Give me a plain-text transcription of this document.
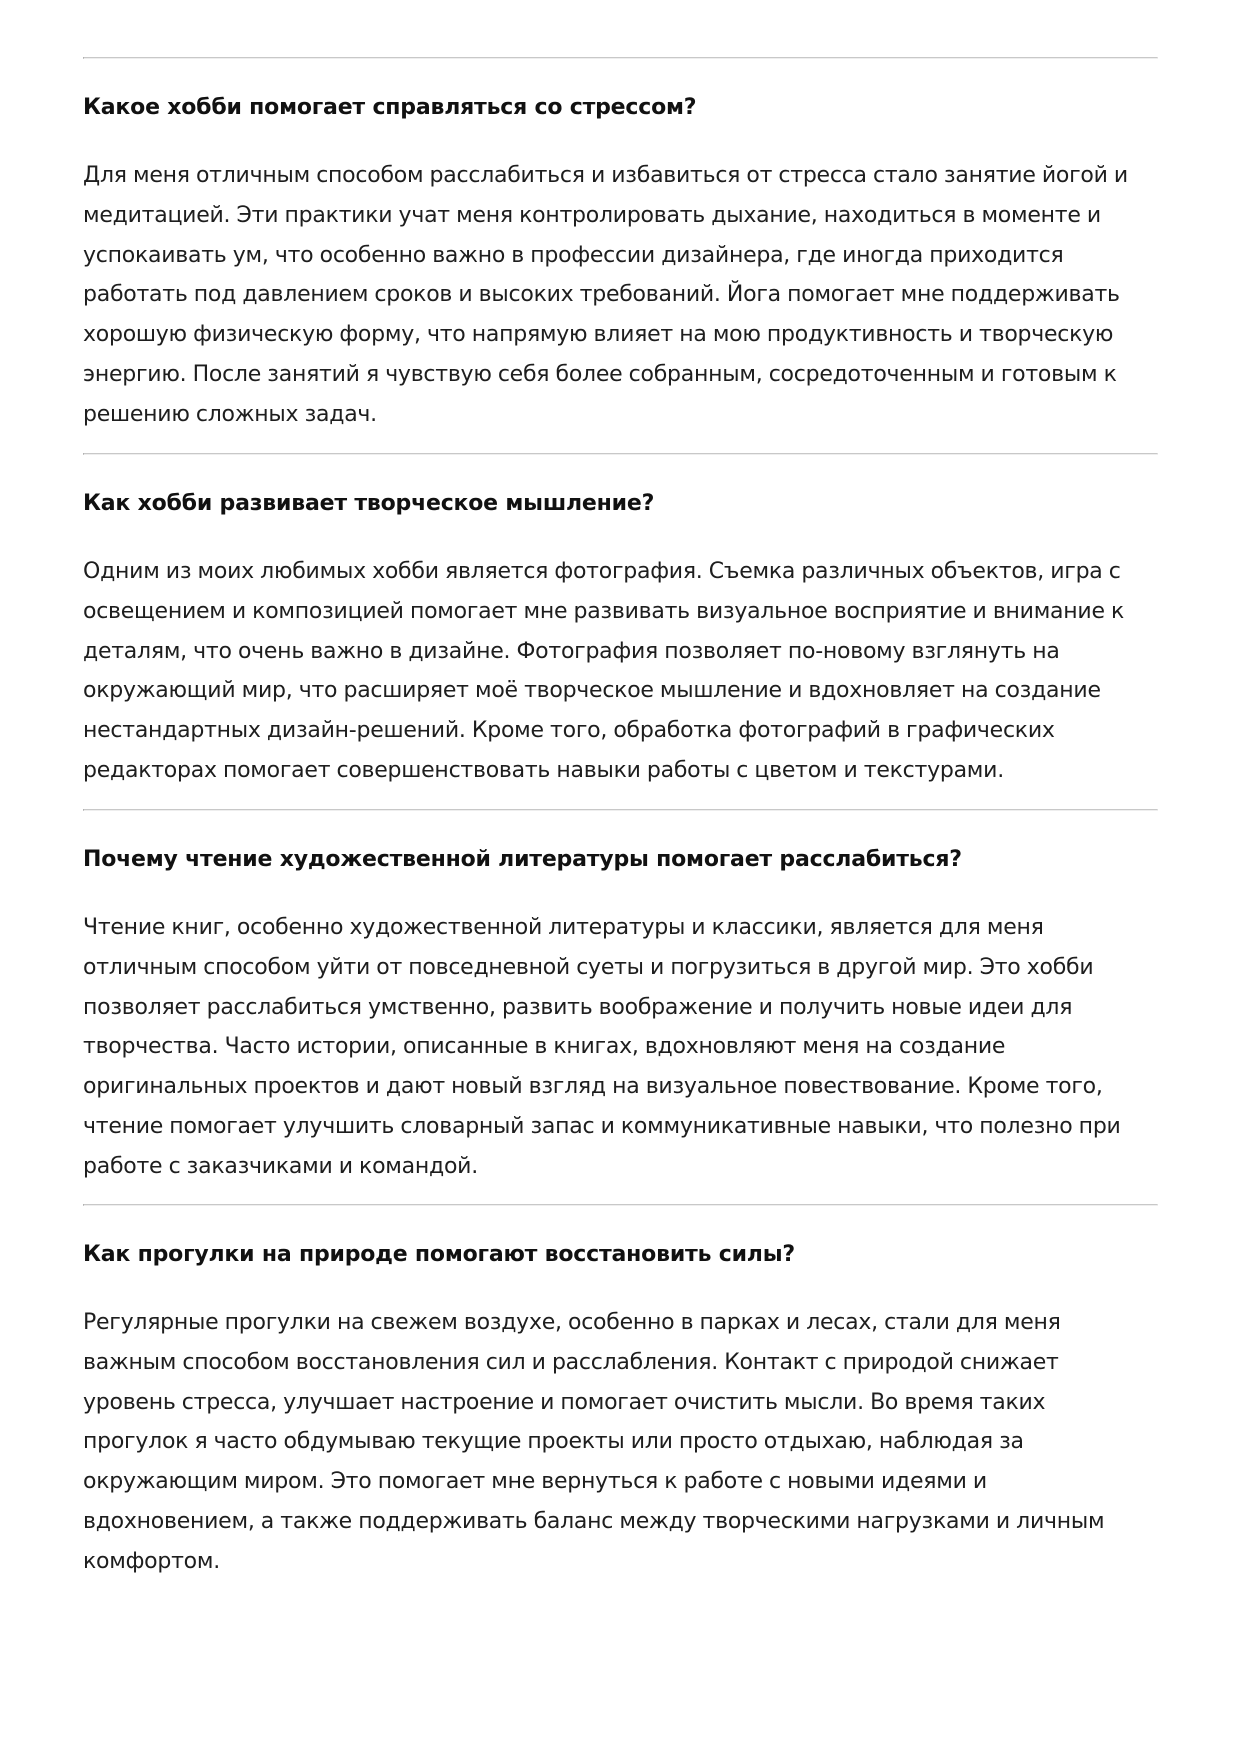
Какое хобби помогает справляться со стрессом?

Для меня отличным способом расслабиться и избавиться от стресса стало занятие йогой и медитацией. Эти практики учат меня контролировать дыхание, находиться в моменте и успокаивать ум, что особенно важно в профессии дизайнера, где иногда приходится работать под давлением сроков и высоких требований. Йога помогает мне поддерживать хорошую физическую форму, что напрямую влияет на мою продуктивность и творческую энергию. После занятий я чувствую себя более собранным, сосредоточенным и готовым к решению сложных задач.

Как хобби развивает творческое мышление?

Одним из моих любимых хобби является фотография. Съемка различных объектов, игра с освещением и композицией помогает мне развивать визуальное восприятие и внимание к деталям, что очень важно в дизайне. Фотография позволяет по-новому взглянуть на окружающий мир, что расширяет моё творческое мышление и вдохновляет на создание нестандартных дизайн-решений. Кроме того, обработка фотографий в графических редакторах помогает совершенствовать навыки работы с цветом и текстурами.

Почему чтение художественной литературы помогает расслабиться?

Чтение книг, особенно художественной литературы и классики, является для меня отличным способом уйти от повседневной суеты и погрузиться в другой мир. Это хобби позволяет расслабиться умственно, развить воображение и получить новые идеи для творчества. Часто истории, описанные в книгах, вдохновляют меня на создание оригинальных проектов и дают новый взгляд на визуальное повествование. Кроме того, чтение помогает улучшить словарный запас и коммуникативные навыки, что полезно при работе с заказчиками и командой.

Как прогулки на природе помогают восстановить силы?

Регулярные прогулки на свежем воздухе, особенно в парках и лесах, стали для меня важным способом восстановления сил и расслабления. Контакт с природой снижает уровень стресса, улучшает настроение и помогает очистить мысли. Во время таких прогулок я часто обдумываю текущие проекты или просто отдыхаю, наблюдая за окружающим миром. Это помогает мне вернуться к работе с новыми идеями и вдохновением, а также поддерживать баланс между творческими нагрузками и личным комфортом.
